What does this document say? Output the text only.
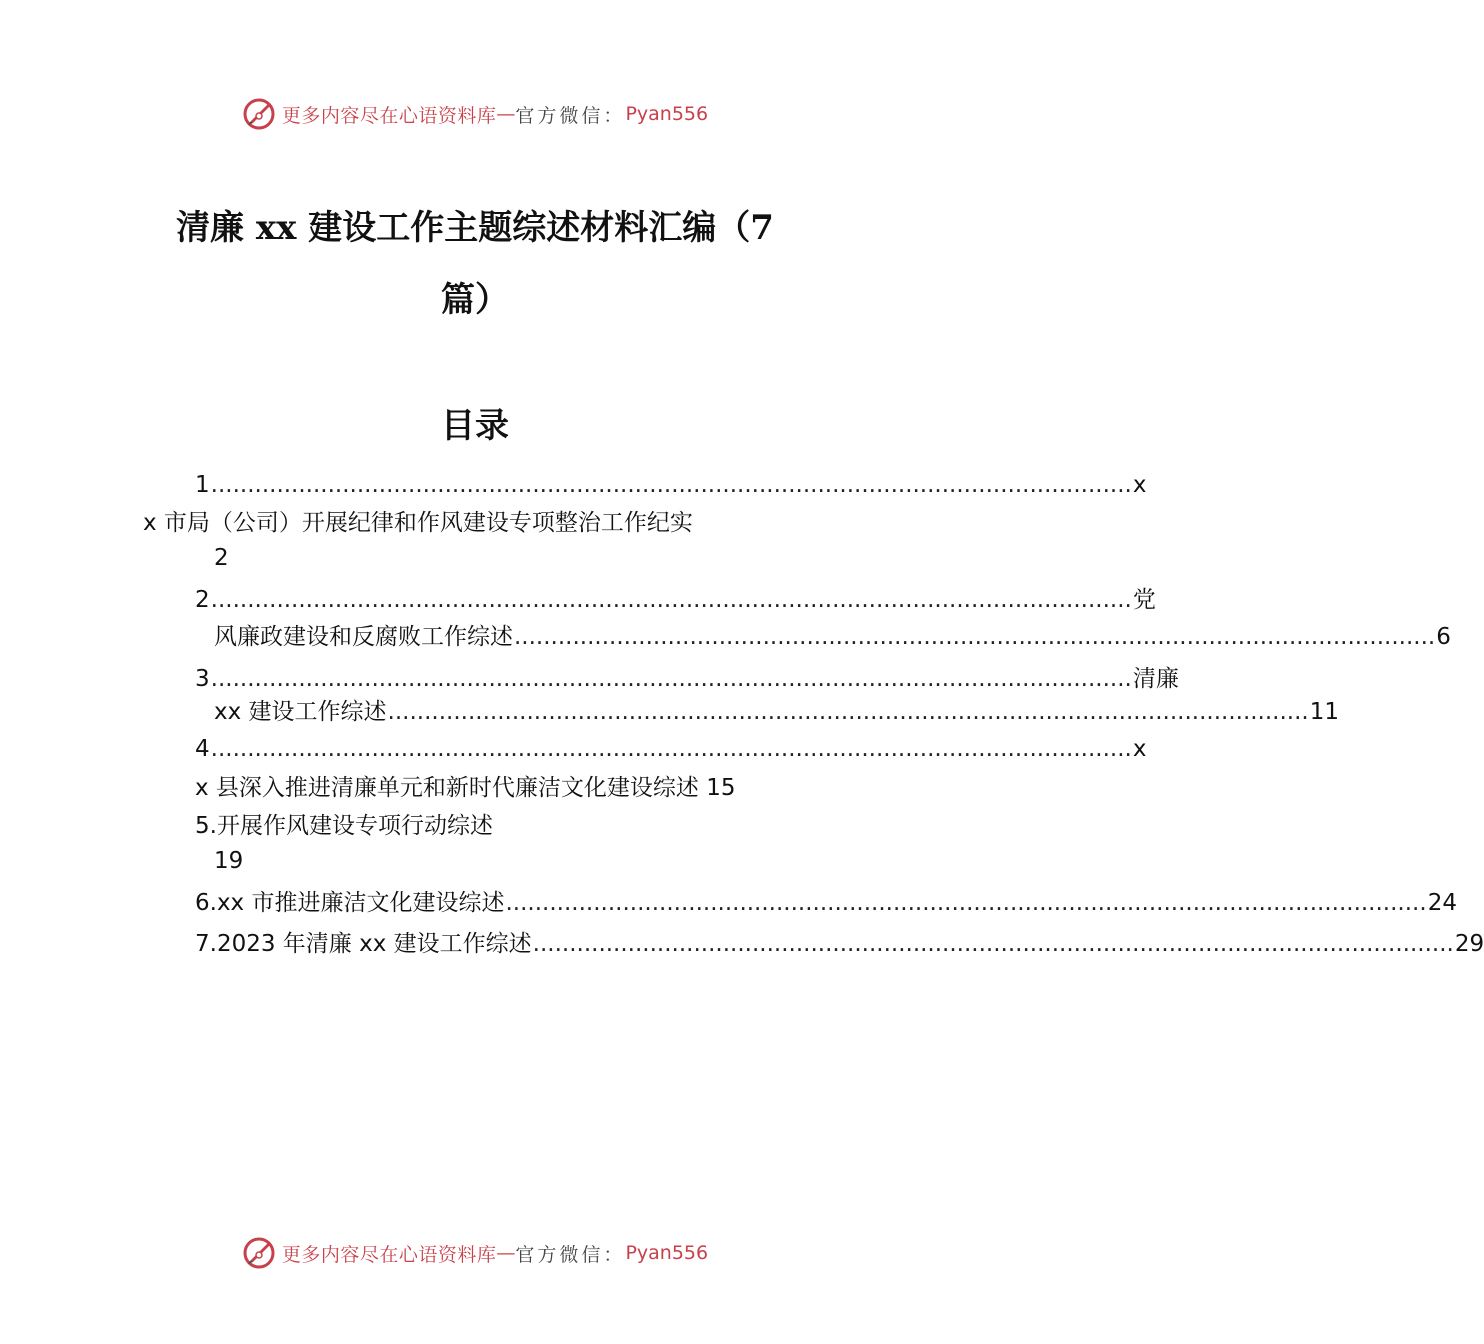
更多内容尽在心语资料库 — 官方微信： Pyan556
清廉 xx 建设工作主题综述材料汇编（7 篇）
目录
1 .............................................................................................................................. x
x 市局（公司）开展纪律和作风建设专项整治工作纪实
2
2 .............................................................................................................................. 党
风廉政建设和反腐败工作综述 .............................................................................................................................. 6
3 .............................................................................................................................. 清廉
xx 建设工作综述 .............................................................................................................................. 11
4 .............................................................................................................................. x
x 县深入推进清廉单元和新时代廉洁文化建设综述 15
5.开展作风建设专项行动综述
19
6.xx 市推进廉洁文化建设综述 .............................................................................................................................. 24
7.2023 年清廉 xx 建设工作综述 .............................................................................................................................. 29
更多内容尽在心语资料库 — 官方微信： Pyan556
